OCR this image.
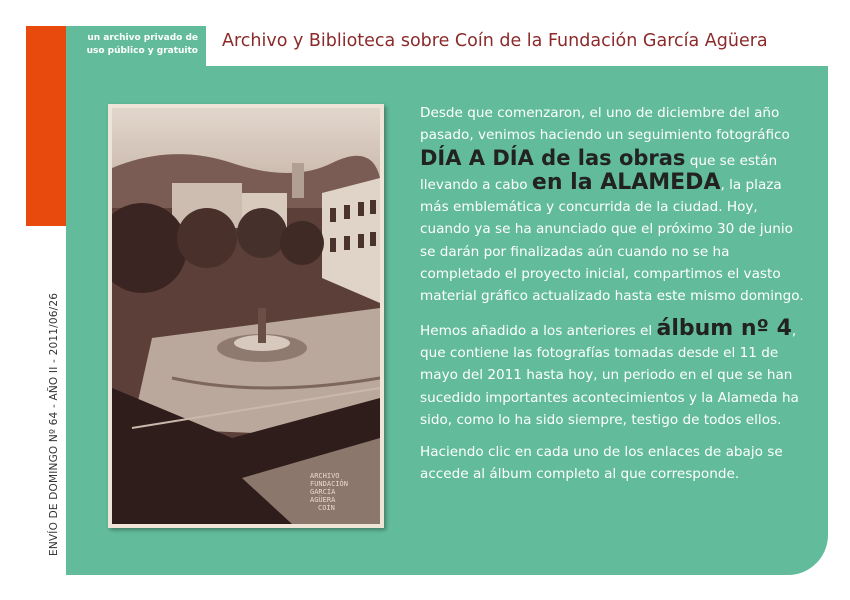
un archivo privado de
uso público y gratuito Archivo y Biblioteca sobre Coín de la Fundación García Agüera
ENVÍO DE DOMINGO Nº 64 - AÑO II - 2011/06/26	ARCHIVO
FUNDACIÓN
GARCÍA
AGÜERA
COÍN

Desde que comenzaron, el uno de diciembre del año pasado, venimos haciendo un seguimiento fotográfico DÍA A DÍA de las obras que se están llevando a cabo en la ALAMEDA, la plaza más emblemática y concurrida de la ciudad. Hoy, cuando ya se ha anunciado que el próximo 30 de junio se darán por finalizadas aún cuando no se ha completado el proyecto inicial, compartimos el vasto material gráfico actualizado hasta este mismo domingo.

Hemos añadido a los anteriores el álbum nº 4, que contiene las fotografías tomadas desde el 11 de mayo del 2011 hasta hoy, un periodo en el que se han sucedido importantes acontecimientos y la Alameda ha sido, como lo ha sido siempre, testigo de todos ellos.

Haciendo clic en cada uno de los enlaces de abajo se accede al álbum completo al que corresponde.
